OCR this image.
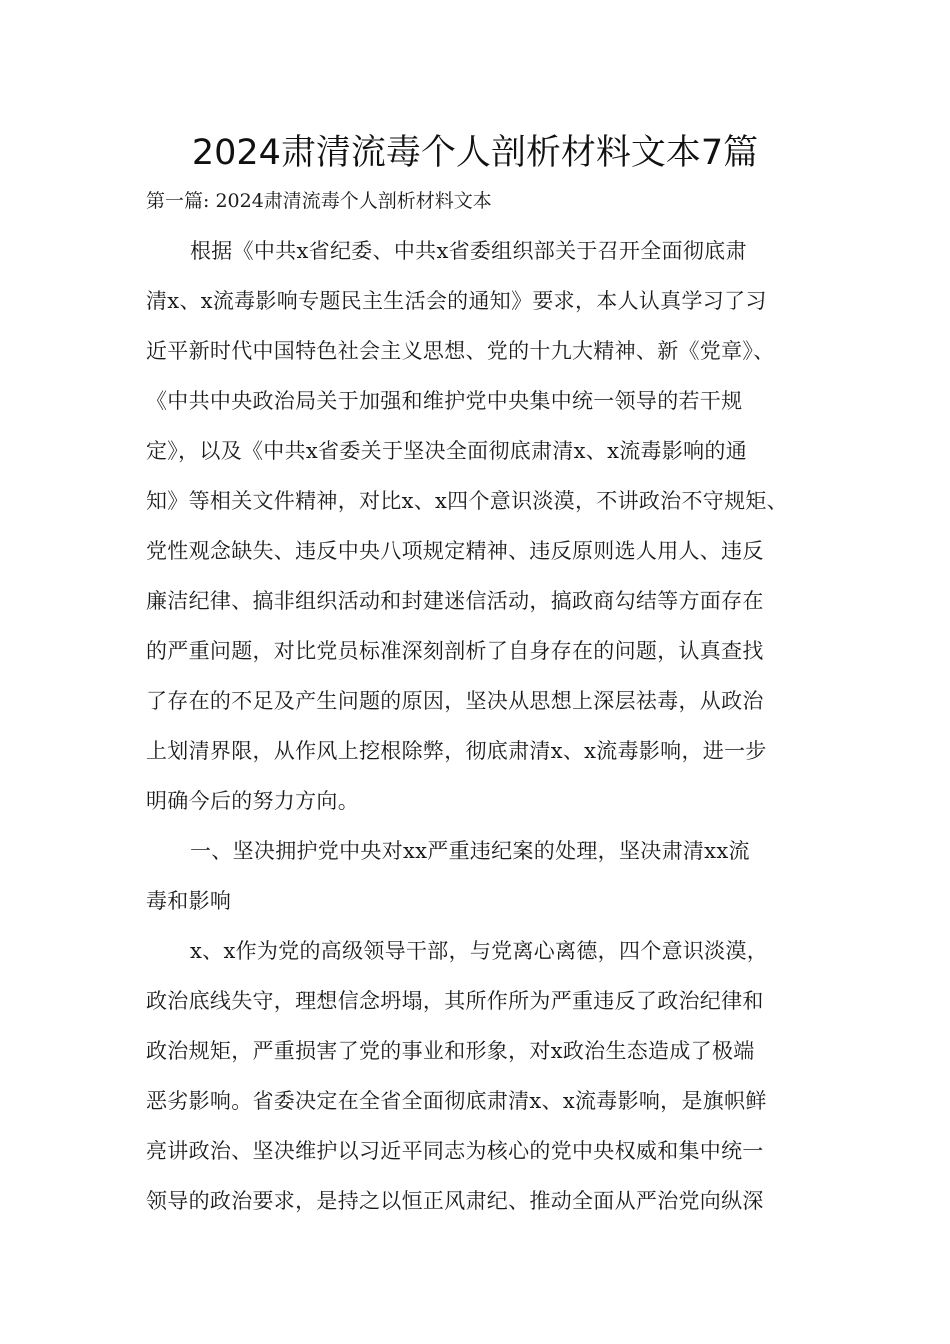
2024肃清流毒个人剖析材料文本7篇

第一篇: 2024肃清流毒个人剖析材料文本

根据《中共x省纪委、中共x省委组织部关于召开全面彻底肃

清x、x流毒影响专题民主生活会的通知》要求，本人认真学习了习

近平新时代中国特色社会主义思想、党的十九大精神、新《党章》、

《中共中央政治局关于加强和维护党中央集中统一领导的若干规

定》，以及《中共x省委关于坚决全面彻底肃清x、x流毒影响的通

知》等相关文件精神，对比x、x四个意识淡漠，不讲政治不守规矩、

党性观念缺失、违反中央八项规定精神、违反原则选人用人、违反

廉洁纪律、搞非组织活动和封建迷信活动，搞政商勾结等方面存在

的严重问题，对比党员标准深刻剖析了自身存在的问题，认真查找

了存在的不足及产生问题的原因，坚决从思想上深层祛毒，从政治

上划清界限，从作风上挖根除弊，彻底肃清x、x流毒影响，进一步

明确今后的努力方向。

一、坚决拥护党中央对xx严重违纪案的处理，坚决肃清xx流

毒和影响

x、x作为党的高级领导干部，与党离心离德，四个意识淡漠，

政治底线失守，理想信念坍塌，其所作所为严重违反了政治纪律和

政治规矩，严重损害了党的事业和形象，对x政治生态造成了极端

恶劣影响。省委决定在全省全面彻底肃清x、x流毒影响，是旗帜鲜

亮讲政治、坚决维护以习近平同志为核心的党中央权威和集中统一

领导的政治要求，是持之以恒正风肃纪、推动全面从严治党向纵深
